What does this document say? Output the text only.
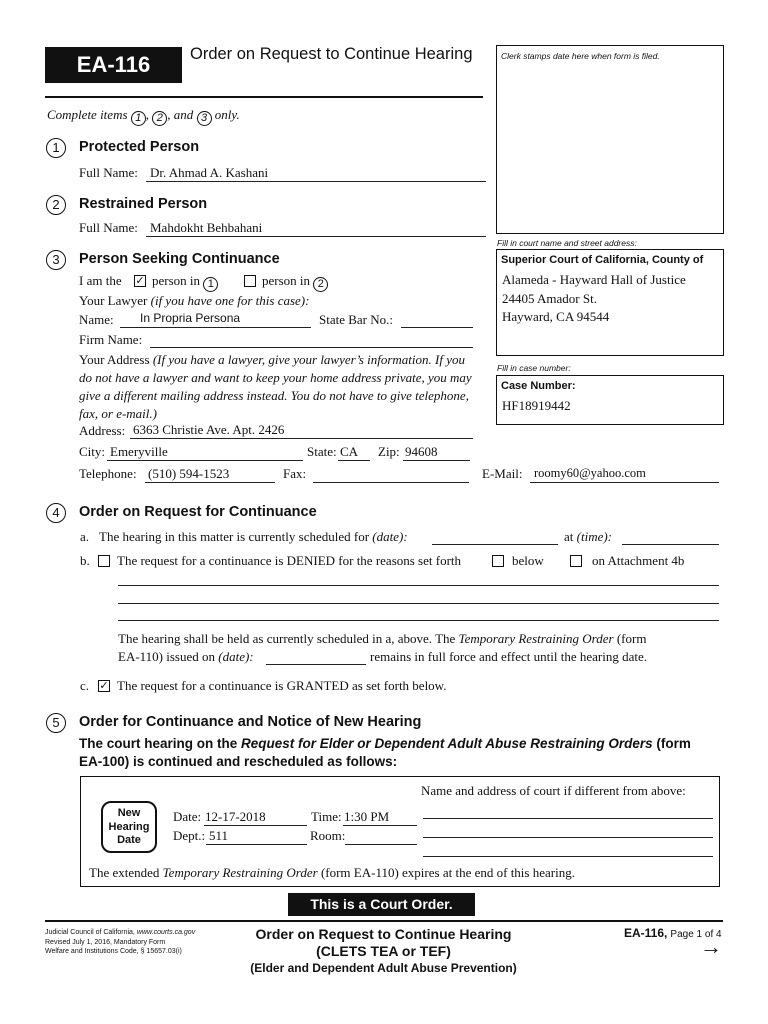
EA-116	Order on Request to Continue Hearing
Complete items 1 , 2 , and 3 only.
Clerk stamps date here when form is filed.
Fill in court name and street address:
Superior Court of California, County of
Alameda - Hayward Hall of Justice
24405 Amador St.
Hayward, CA 94544
Fill in case number:
Case Number:
HF18919442
1	Protected Person
Full Name: Dr. Ahmad A. Kashani
2	Restrained Person
Full Name: Mahdokht Behbahani
3	Person Seeking Continuance
I am the ✓ person in 1	person in 2
Your Lawyer (if you have one for this case):
Name: In Propria Persona	State Bar No.:
Firm Name:
Your Address (If you have a lawyer, give your lawyer’s information. If you do not have a lawyer and want to keep your home address private, you may give a different mailing address instead. You do not have to give telephone, fax, or e-mail.)
Address: 6363 Christie Ave. Apt. 2426
City: Emeryville	State: CA Zip: 94608
Telephone: (510) 594-1523	Fax:	E-Mail: roomy60@yahoo.com
4	Order on Request for Continuance
a. The hearing in this matter is currently scheduled for (date):	at (time):
b. The request for a continuance is DENIED for the reasons set forth	below	on Attachment 4b
The hearing shall be held as currently scheduled in a, above. The Temporary Restraining Order (form
EA-110) issued on (date):	remains in full force and effect until the hearing date.
c. ✓ The request for a continuance is GRANTED as set forth below.
5	Order for Continuance and Notice of New Hearing
The court hearing on the Request for Elder or Dependent Adult Abuse Restraining Orders (form
EA-100) is continued and rescheduled as follows:
New
Hearing
Date
Date: 12-17-2018	Time: 1:30 PM
Dept.: 511	Room:
Name and address of court if different from above:
The extended Temporary Restraining Order (form EA-110) expires at the end of this hearing.
This is a Court Order.
Judicial Council of California, www.courts.ca.gov
Revised July 1, 2016, Mandatory Form
Welfare and Institutions Code, § 15657.03(i)
Order on Request to Continue Hearing
(CLETS TEA or TEF)
(Elder and Dependent Adult Abuse Prevention)
EA-116, Page 1 of 4
→
